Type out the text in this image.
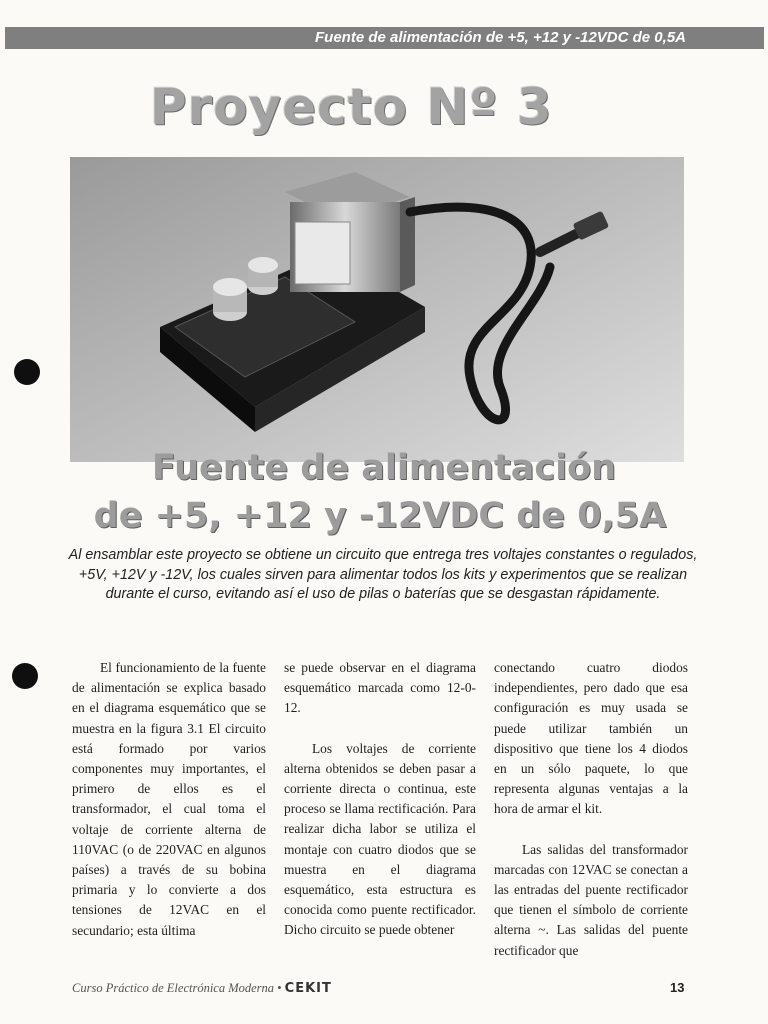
Fuente de alimentación de +5, +12 y -12VDC de 0,5A
Proyecto Nº 3
Fuente de alimentación
de +5, +12 y -12VDC de 0,5A
Al ensamblar este proyecto se obtiene un circuito que entrega tres voltajes constantes o regulados, +5V, +12V y -12V, los cuales sirven para alimentar todos los kits y experimentos que se realizan durante el curso, evitando así el uso de pilas o baterías que se desgastan rápidamente.

El funcionamiento de la fuente de alimentación se explica basado en el diagrama esquemático que se muestra en la figura 3.1 El circuito está formado por varios componentes muy importantes, el primero de ellos es el transformador, el cual toma el voltaje de corriente alterna de 110VAC (o de 220VAC en algunos países) a través de su bobina primaria y lo convierte a dos tensiones de 12VAC en el secundario; esta última

se puede observar en el diagrama esquemático marcada como 12-0-12.

Los voltajes de corriente alterna obtenidos se deben pasar a corriente directa o continua, este proceso se llama rectificación. Para realizar dicha labor se utiliza el montaje con cuatro diodos que se muestra en el diagrama esquemático, esta estructura es conocida como puente rectificador. Dicho circuito se puede obtener

conectando cuatro diodos independientes, pero dado que esa configuración es muy usada se puede utilizar también un dispositivo que tiene los 4 diodos en un sólo paquete, lo que representa algunas ventajas a la hora de armar el kit.

Las salidas del transformador marcadas con 12VAC se conectan a las entradas del puente rectificador que tienen el símbolo de corriente alterna ~. Las salidas del puente rectificador que

Curso Práctico de Electrónica Moderna • CEKIT	13
